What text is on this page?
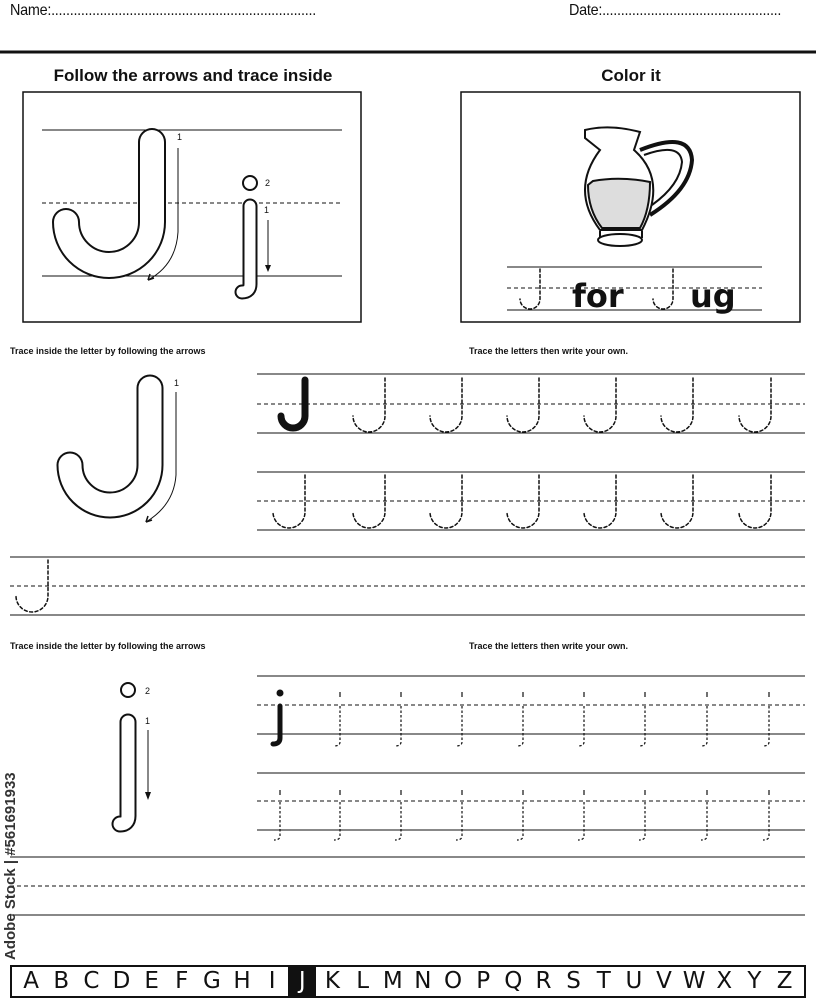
Name:.......................................................................	Date:................................................
Follow the arrows and trace inside	Color it
for ug
1
2
1
1
2
1
Trace inside the letter by following the arrows	Trace the letters then write your own.
Trace inside the letter by following the arrows	Trace the letters then write your own.
Adobe Stock | #561691933
A B C D E F G H I	J K L M N O P Q R S T U V W X Y Z
